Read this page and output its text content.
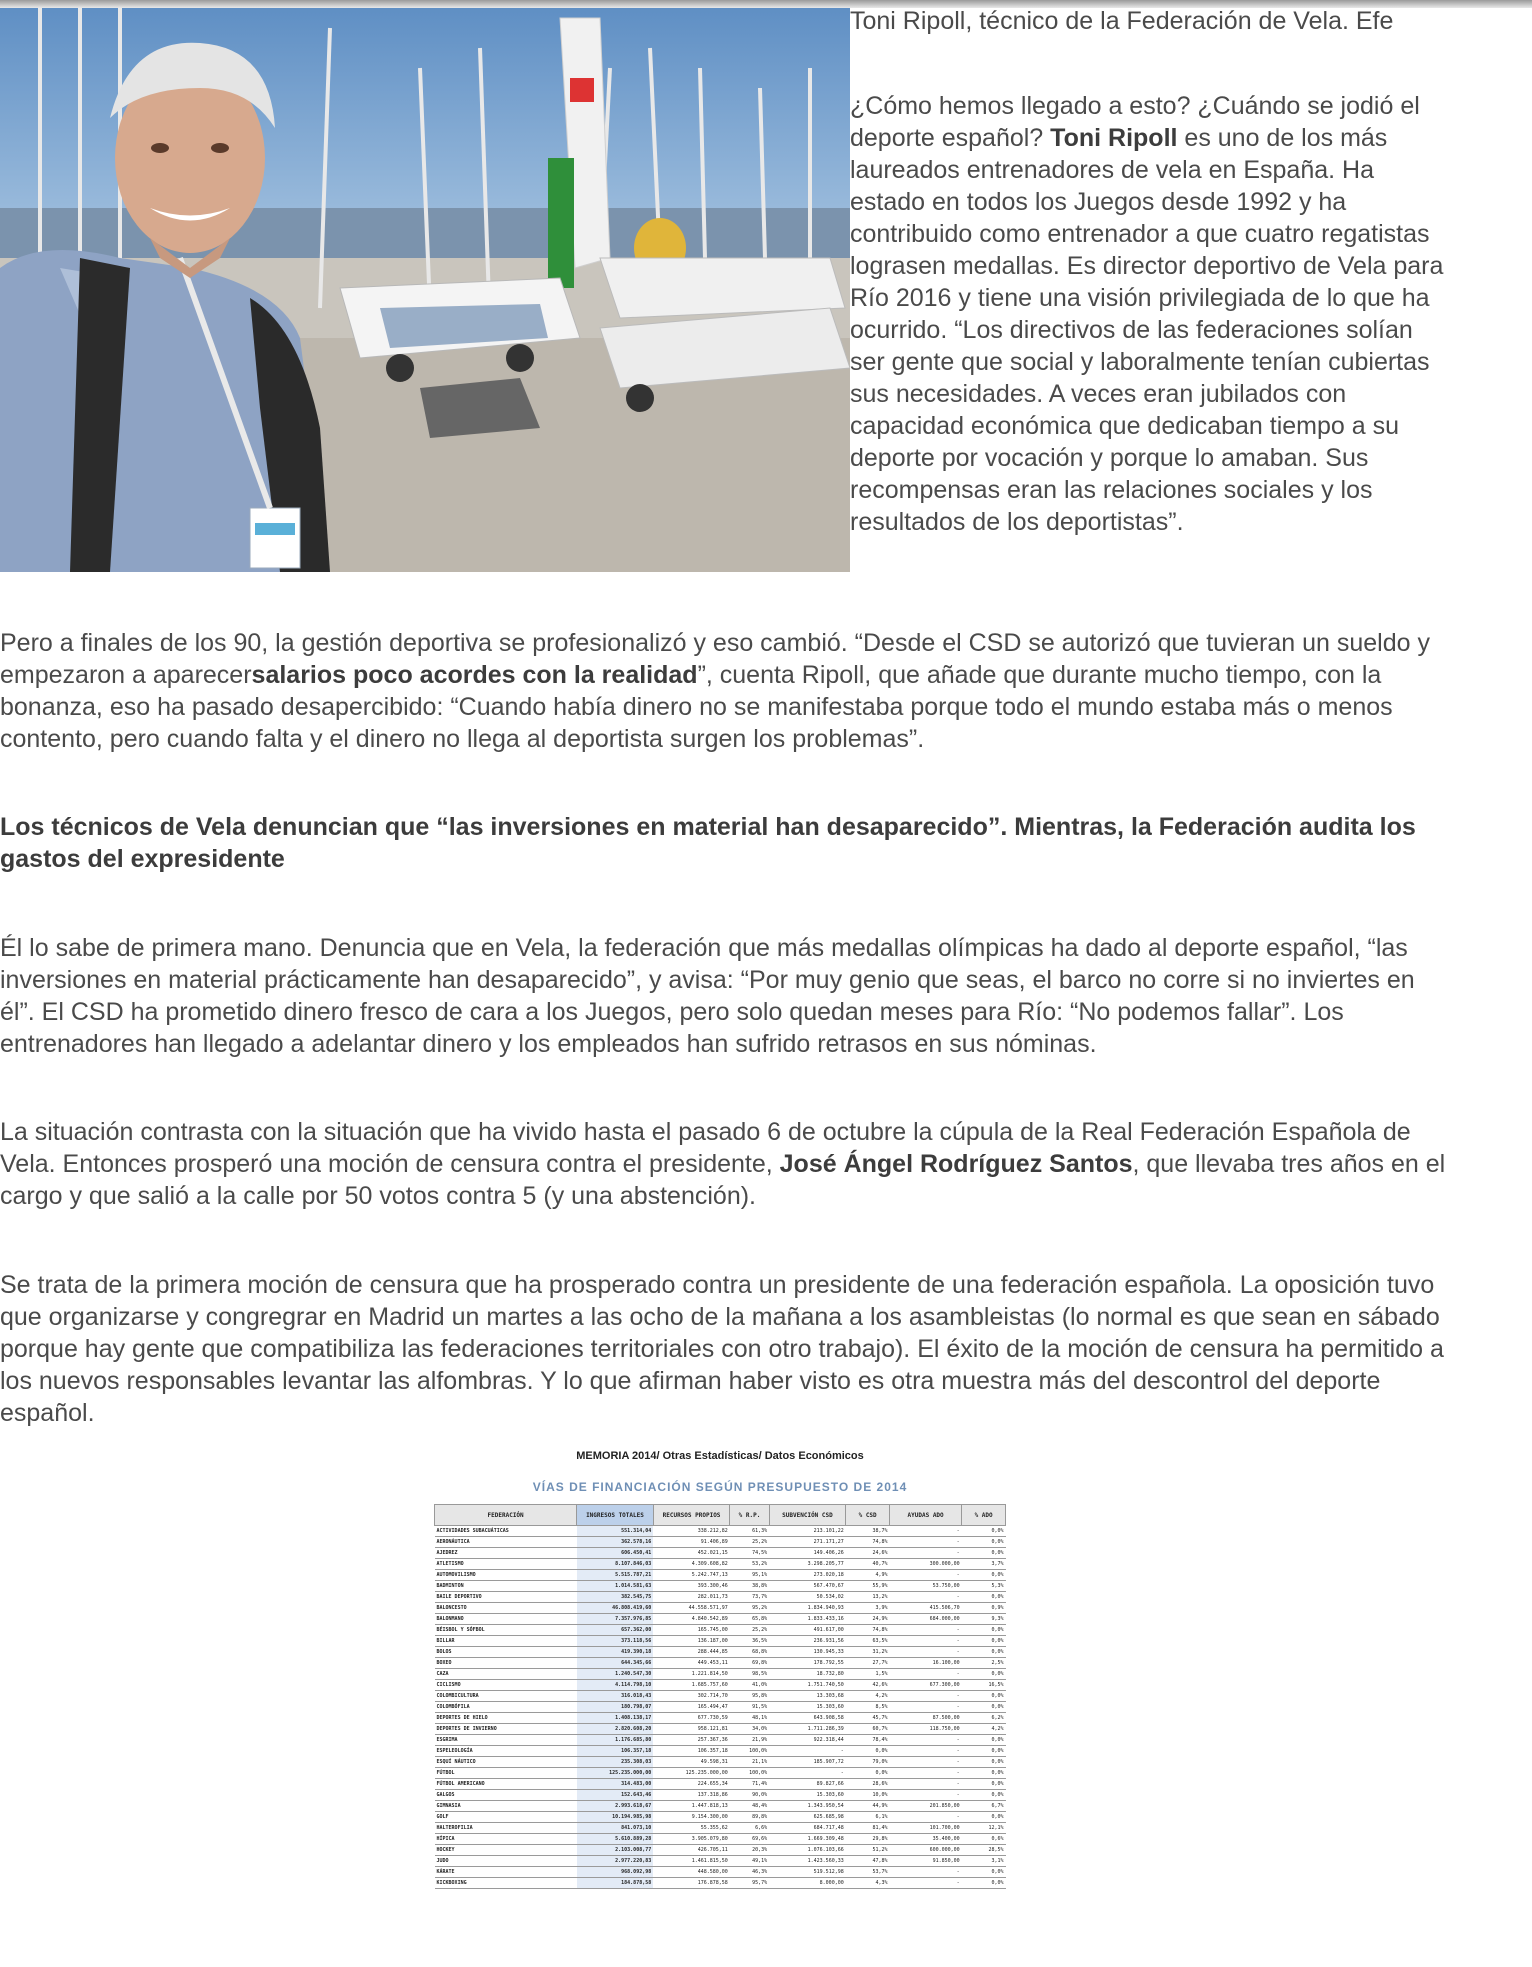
Toni Ripoll, técnico de la Federación de Vela. Efe
¿Cómo hemos llegado a esto? ¿Cuándo se jodió el deporte español? Toni Ripoll es uno de los más laureados entrenadores de vela en España. Ha estado en todos los Juegos desde 1992 y ha contribuido como entrenador a que cuatro regatistas lograsen medallas. Es director deportivo de Vela para Río 2016 y tiene una visión privilegiada de lo que ha ocurrido. “Los directivos de las federaciones solían ser gente que social y laboralmente tenían cubiertas sus necesidades. A veces eran jubilados con capacidad económica que dedicaban tiempo a su deporte por vocación y porque lo amaban. Sus recompensas eran las relaciones sociales y los resultados de los deportistas”.
Pero a finales de los 90, la gestión deportiva se profesionalizó y eso cambió. “Desde el CSD se autorizó que tuvieran un sueldo y empezaron a aparecersalarios poco acordes con la realidad”, cuenta Ripoll, que añade que durante mucho tiempo, con la bonanza, eso ha pasado desapercibido: “Cuando había dinero no se manifestaba porque todo el mundo estaba más o menos contento, pero cuando falta y el dinero no llega al deportista surgen los problemas”.
Los técnicos de Vela denuncian que “las inversiones en material han desaparecido”. Mientras, la Federación audita los gastos del expresidente
Él lo sabe de primera mano. Denuncia que en Vela, la federación que más medallas olímpicas ha dado al deporte español, “las inversiones en material prácticamente han desaparecido”, y avisa: “Por muy genio que seas, el barco no corre si no inviertes en él”. El CSD ha prometido dinero fresco de cara a los Juegos, pero solo quedan meses para Río: “No podemos fallar”. Los entrenadores han llegado a adelantar dinero y los empleados han sufrido retrasos en sus nóminas.
La situación contrasta con la situación que ha vivido hasta el pasado 6 de octubre la cúpula de la Real Federación Española de Vela. Entonces prosperó una moción de censura contra el presidente, José Ángel Rodríguez Santos, que llevaba tres años en el cargo y que salió a la calle por 50 votos contra 5 (y una abstención).
Se trata de la primera moción de censura que ha prosperado contra un presidente de una federación española. La oposición tuvo que organizarse y congregrar en Madrid un martes a las ocho de la mañana a los asambleistas (lo normal es que sean en sábado porque hay gente que compatibiliza las federaciones territoriales con otro trabajo). El éxito de la moción de censura ha permitido a los nuevos responsables levantar las alfombras. Y lo que afirman haber visto es otra muestra más del descontrol del deporte español.
MEMORIA 2014/ Otras Estadísticas/ Datos Económicos
VÍAS DE FINANCIACIÓN SEGÚN PRESUPUESTO DE 2014
FEDERACIÓN	INGRESOS TOTALES	RECURSOS PROPIOS	% R.P.	SUBVENCIÓN CSD	% CSD	AYUDAS ADO	% ADO
ACTIVIDADES SUBACUÁTICAS	551.314,04	338.212,82	61,3%	213.101,22	38,7%	-	0,0%
AERONÁUTICA	362.578,16	91.406,89	25,2%	271.171,27	74,8%	-	0,0%
AJEDREZ	606.450,41	452.021,15	74,5%	149.406,26	24,6%	-	0,0%
ATLETISMO	8.107.846,03	4.309.608,82	53,2%	3.298.205,77	40,7%	300.000,00	3,7%
AUTOMOVILISMO	5.515.787,21	5.242.747,13	95,1%	273.020,18	4,9%	-	0,0%
BADMINTON	1.014.581,63	393.300,46	38,8%	567.470,67	55,9%	53.750,00	5,3%
BAILE DEPORTIVO	382.545,75	282.011,73	73,7%	50.534,02	13,2%	-	0,0%
BALONCESTO	46.808.419,60	44.558.571,97	95,2%	1.834.940,93	3,9%	415.506,70	0,9%
BALONMANO	7.357.976,85	4.840.542,89	65,8%	1.833.433,16	24,9%	684.000,00	9,3%
BÉISBOL Y SÓFBOL	657.362,00	165.745,00	25,2%	491.617,00	74,8%	-	0,0%
BILLAR	373.118,56	136.187,00	36,5%	236.931,56	63,5%	-	0,0%
BOLOS	419.390,18	288.444,85	68,8%	130.945,33	31,2%	-	0,0%
BOXEO	644.345,66	449.453,11	69,8%	178.792,55	27,7%	16.100,00	2,5%
CAZA	1.240.547,30	1.221.814,50	98,5%	18.732,80	1,5%	-	0,0%
CICLISMO	4.114.798,10	1.685.757,60	41,0%	1.751.740,50	42,6%	677.300,00	16,5%
COLOMBICULTURA	316.018,43	302.714,70	95,8%	13.303,68	4,2%	-	0,0%
COLOMBÓFILA	180.798,07	165.494,47	91,5%	15.303,60	8,5%	-	0,0%
DEPORTES DE HIELO	1.408.138,17	677.730,59	48,1%	643.908,58	45,7%	87.500,00	6,2%
DEPORTES DE INVIERNO	2.820.608,20	958.121,81	34,0%	1.711.286,39	60,7%	118.750,00	4,2%
ESGRIMA	1.176.685,80	257.367,36	21,9%	922.318,44	78,4%	-	0,0%
ESPELEOLOGÍA	106.357,18	106.357,18	100,0%	-	0,0%	-	0,0%
ESQUÍ NÁUTICO	235.308,03	49.598,31	21,1%	185.907,72	79,0%	-	0,0%
FÚTBOL	125.235.000,00	125.235.000,00	100,0%	-	0,0%	-	0,0%
FÚTBOL AMERICANO	314.483,00	224.655,34	71,4%	89.827,66	28,6%	-	0,0%
GALGOS	152.643,46	137.318,86	90,0%	15.303,60	10,0%	-	0,0%
GIMNASIA	2.993.618,67	1.447.818,13	48,4%	1.343.950,54	44,9%	201.850,00	6,7%
GOLF	10.194.985,98	9.154.300,00	89,8%	625.685,98	6,1%	-	0,0%
HALTEROFILIA	841.073,10	55.355,62	6,6%	684.717,48	81,4%	101.700,00	12,1%
HÍPICA	5.610.889,28	3.905.079,80	69,6%	1.669.309,48	29,8%	35.400,00	0,6%
HOCKEY	2.103.008,77	426.705,11	20,3%	1.076.103,66	51,2%	600.000,00	28,5%
JUDO	2.977.220,83	1.461.815,50	49,1%	1.423.560,33	47,8%	91.850,00	3,1%
KÁRATE	968.092,98	448.580,00	46,3%	519.512,98	53,7%	-	0,0%
KICKBOXING	184.878,58	176.878,58	95,7%	8.000,00	4,3%	-	0,0%
